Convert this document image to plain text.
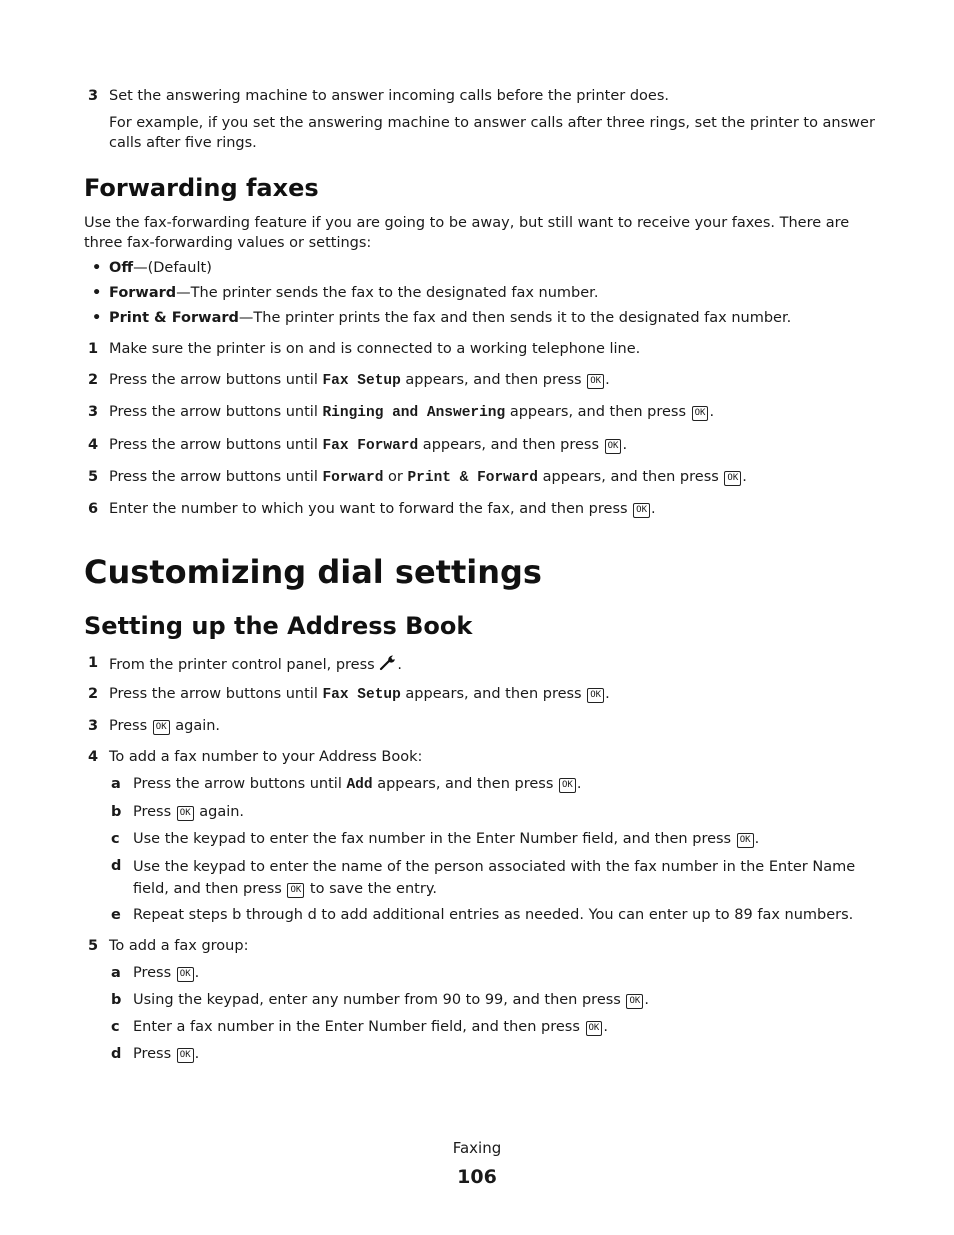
3 Set the answering machine to answer incoming calls before the printer does.
For example, if you set the answering machine to answer calls after three rings, set the printer to answer calls after five rings.
Forwarding faxes
Use the fax-forwarding feature if you are going to be away, but still want to receive your faxes. There are three fax-forwarding values or settings:
• Off—(Default)
• Forward—The printer sends the fax to the designated fax number.
• Print & Forward—The printer prints the fax and then sends it to the designated fax number.
1 Make sure the printer is on and is connected to a working telephone line.
2 Press the arrow buttons until Fax Setup appears, and then press OK .
3 Press the arrow buttons until Ringing and Answering appears, and then press OK .
4 Press the arrow buttons until Fax Forward appears, and then press OK .
5 Press the arrow buttons until Forward or Print & Forward appears, and then press OK .
6 Enter the number to which you want to forward the fax, and then press OK .
Customizing dial settings
Setting up the Address Book
1 From the printer control panel, press .
2 Press the arrow buttons until Fax Setup appears, and then press OK .
3 Press OK again.
4 To add a fax number to your Address Book:
a Press the arrow buttons until Add appears, and then press OK .
b Press OK again.
c Use the keypad to enter the fax number in the Enter Number field, and then press OK .
d Use the keypad to enter the name of the person associated with the fax number in the Enter Name field, and then press OK to save the entry.
e Repeat steps b through d to add additional entries as needed. You can enter up to 89 fax numbers.
5 To add a fax group:
a Press OK .
b Using the keypad, enter any number from 90 to 99, and then press OK .
c Enter a fax number in the Enter Number field, and then press OK .
d Press OK .
Faxing
106
